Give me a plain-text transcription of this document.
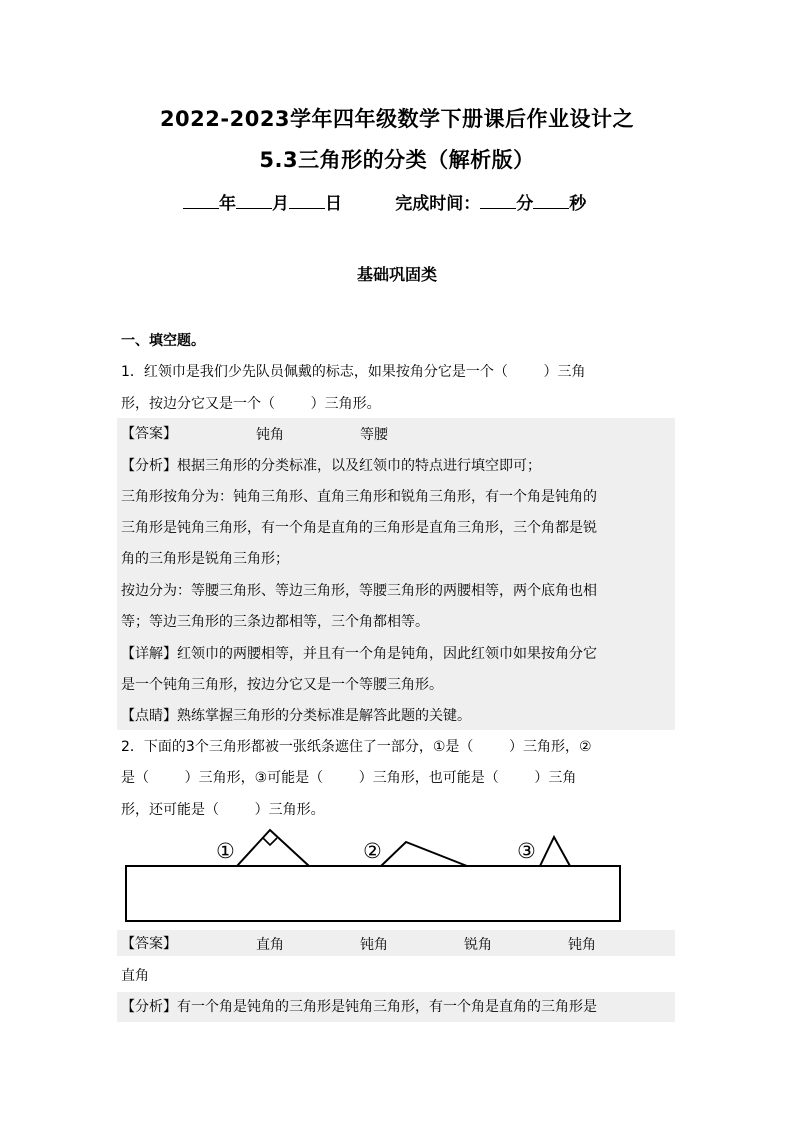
2022-2023学年四年级数学下册课后作业设计之
5.3三角形的分类（解析版）
年 月 日	完成时间： 分 秒
基础巩固类
一、填空题。
1．红领巾是我们少先队员佩戴的标志，如果按角分它是一个（        ）三角
形，按边分它又是一个（        ）三角形。
【答案】	钝角	等腰
【分析】根据三角形的分类标准，以及红领巾的特点进行填空即可；
三角形按角分为：钝角三角形、直角三角形和锐角三角形，有一个角是钝角的
三角形是钝角三角形，有一个角是直角的三角形是直角三角形，三个角都是锐
角的三角形是锐角三角形；
按边分为：等腰三角形、等边三角形，等腰三角形的两腰相等，两个底角也相
等；等边三角形的三条边都相等，三个角都相等。
【详解】红领巾的两腰相等，并且有一个角是钝角，因此红领巾如果按角分它
是一个钝角三角形，按边分它又是一个等腰三角形。
【点睛】熟练掌握三角形的分类标准是解答此题的关键。
2．下面的3个三角形都被一张纸条遮住了一部分，①是（        ）三角形，②
是（        ）三角形，③可能是（        ）三角形，也可能是（        ）三角
形，还可能是（        ）三角形。
①	②	③
【答案】	直角	钝角	锐角	钝角
直角
【分析】有一个角是钝角的三角形是钝角三角形，有一个角是直角的三角形是
